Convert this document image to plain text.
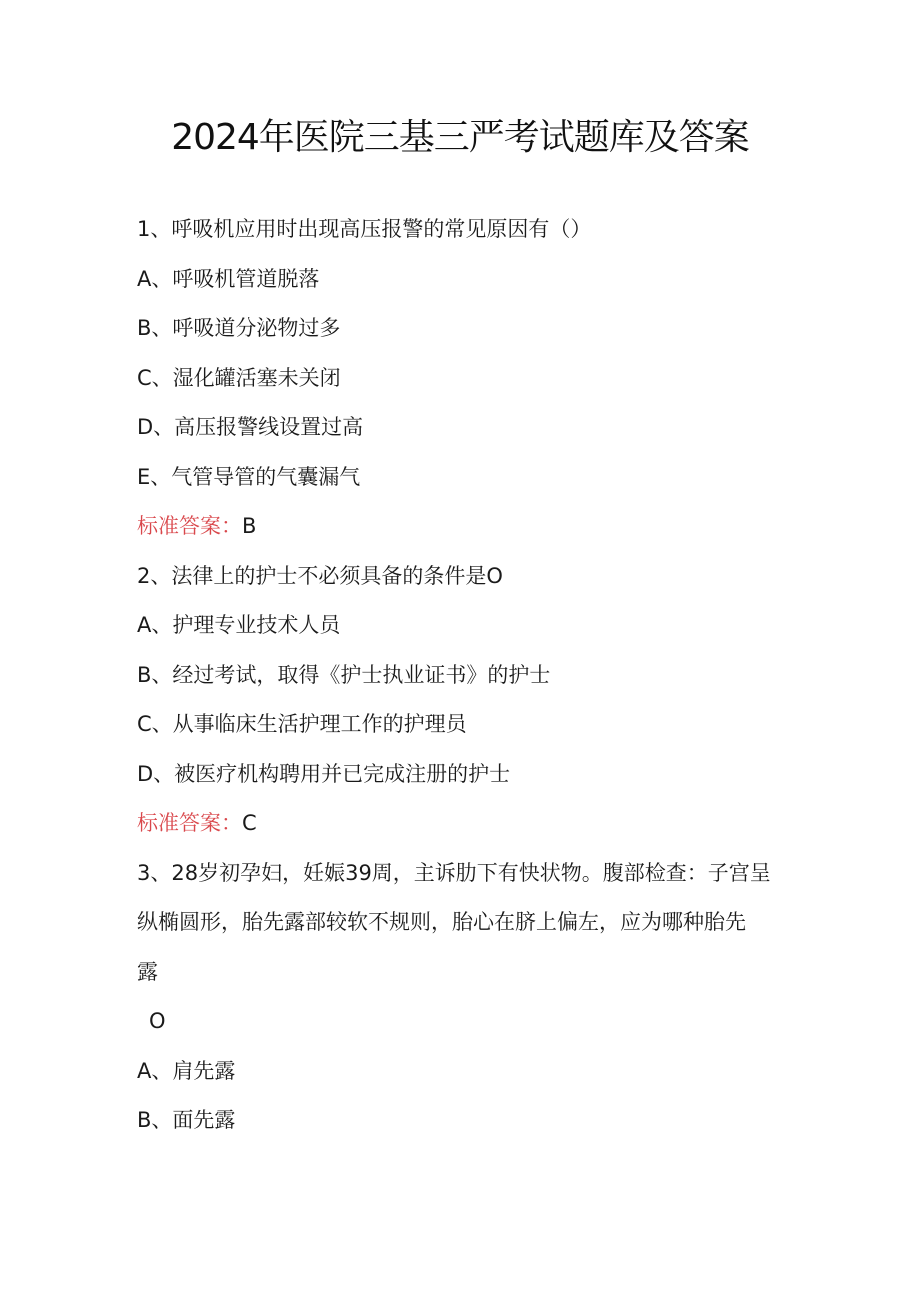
2024年医院三基三严考试题库及答案
1、呼吸机应用时出现高压报警的常见原因有（）
A、呼吸机管道脱落
B、呼吸道分泌物过多
C、湿化罐活塞未关闭
D、高压报警线设置过高
E、气管导管的气囊漏气
标准答案：B
2、法律上的护士不必须具备的条件是O
A、护理专业技术人员
B、经过考试，取得《护士执业证书》的护士
C、从事临床生活护理工作的护理员
D、被医疗机构聘用并已完成注册的护士
标准答案：C
3、28岁初孕妇，妊娠39周，主诉肋下有快状物。腹部检查：子宫呈
纵椭圆形，胎先露部较软不规则，胎心在脐上偏左，应为哪种胎先
露
O
A、肩先露
B、面先露
